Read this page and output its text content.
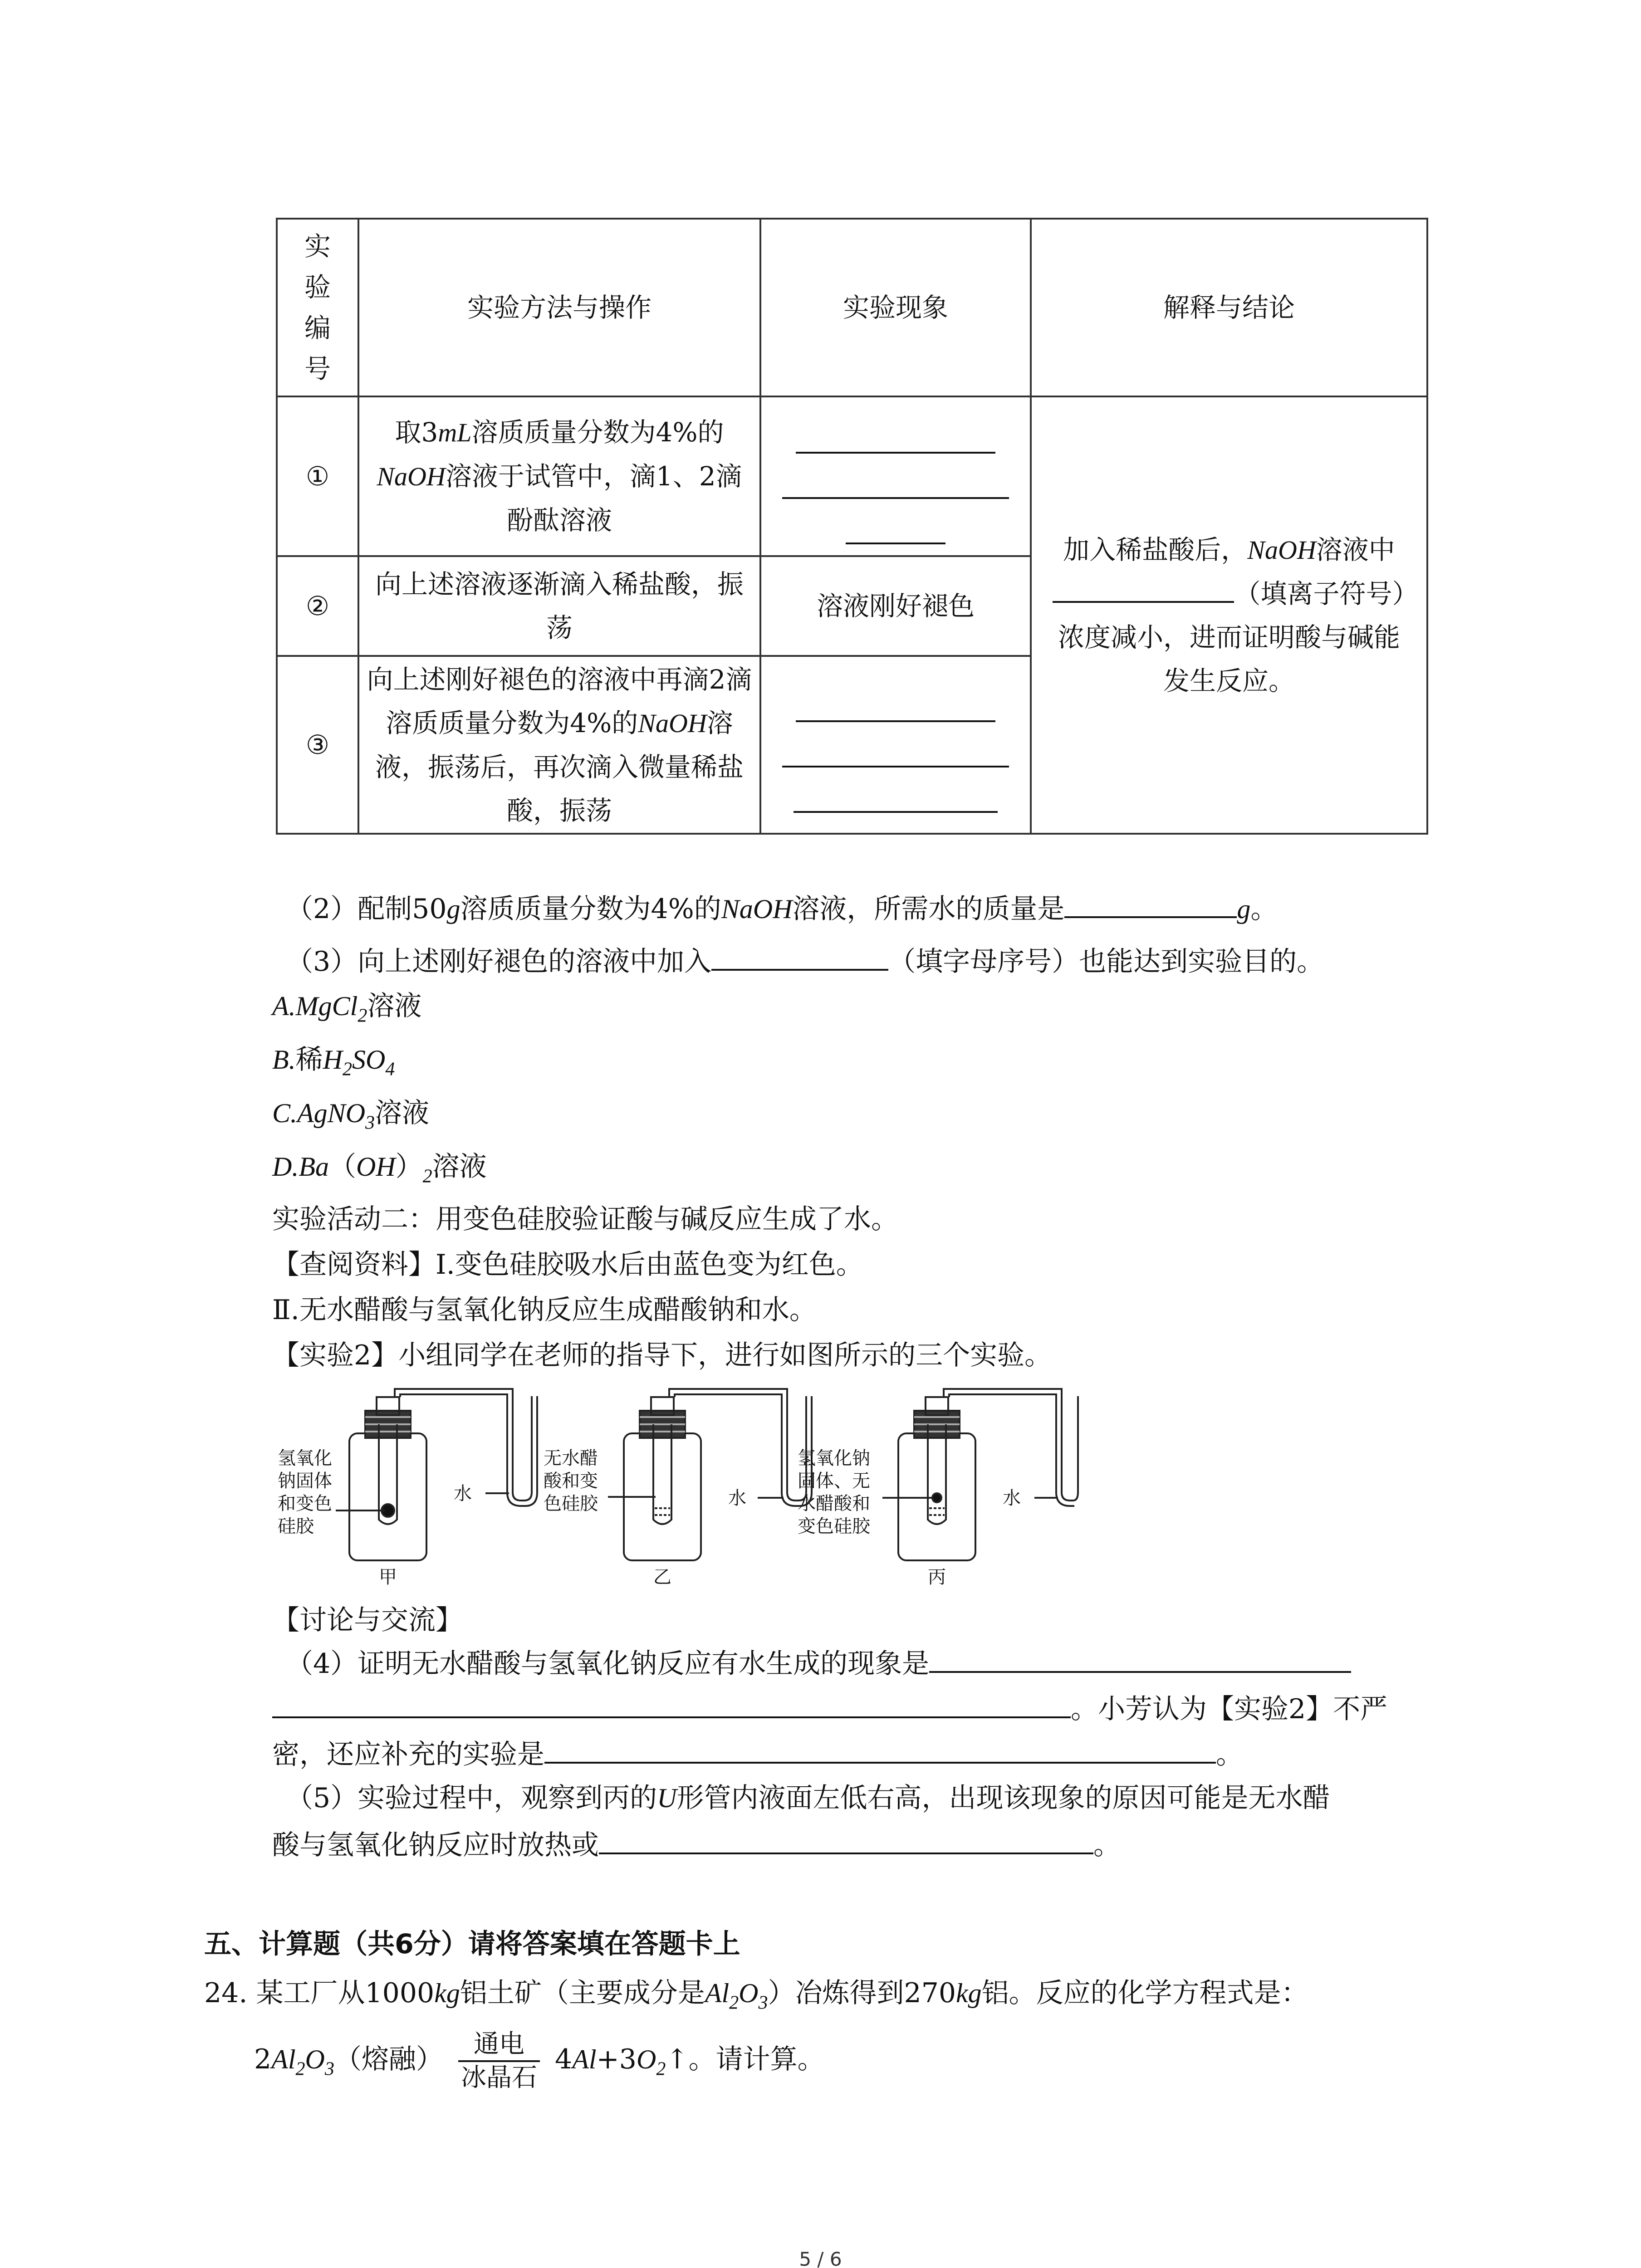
实
验
编
号	实验方法与操作	实验现象	解释与结论
①	取3mL溶质质量分数为4%的NaOH溶液于试管中，滴1、2滴酚酞溶液		加入稀盐酸后，NaOH溶液中
（填离子符号）浓度减小，进而证明酸与碱能发生反应。
②	向上述溶液逐渐滴入稀盐酸，振荡	溶液刚好褪色	
③	向上述刚好褪色的溶液中再滴2滴溶质质量分数为4%的NaOH溶液，振荡后，再次滴入微量稀盐酸，振荡		
（2）配制50g溶质质量分数为4%的NaOH溶液，所需水的质量是	g。
（3）向上述刚好褪色的溶液中加入	（填字母序号）也能达到实验目的。
A.MgCl$_2$溶液
B.稀$H_2SO_4$
C.AgNO$_3$溶液
$D.Ba(OH)_2$溶液
实验活动二：用变色硅胶验证酸与碱反应生成了水。
【查阅资料】Ⅰ.变色硅胶吸水后由蓝色变为红色。
Ⅱ.无水醋酸与氢氧化钠反应生成醋酸钠和水。
【实验2】小组同学在老师的指导下，进行如图所示的三个实验。
氢氧化
钠固体
和变色
硅胶
水
甲
无水醋
酸和变
色硅胶	水
乙
氢氧化钠
固体、无
水醋酸和
变色硅胶
水
丙
【讨论与交流】
（4）证明无水醋酸与氢氧化钠反应有水生成的现象是
。小芳认为【实验2】不严
密，还应补充的实验是	。
（5）实验过程中，观察到丙的U形管内液面左低右高，出现该现象的原因可能是无水醋
酸与氢氧化钠反应时放热或	。
五、计算题（共6分）请将答案填在答题卡上
24. 某工厂从1000kg铝土矿（主要成分是$Al_2O_3$）冶炼得到270kg铝。反应的化学方程式是：
$2Al_2O_3$（熔融） $\frac{\text{通电}}{\text{冰晶石}}$ $4Al+3O_2↑$。请计算。
5 / 6
